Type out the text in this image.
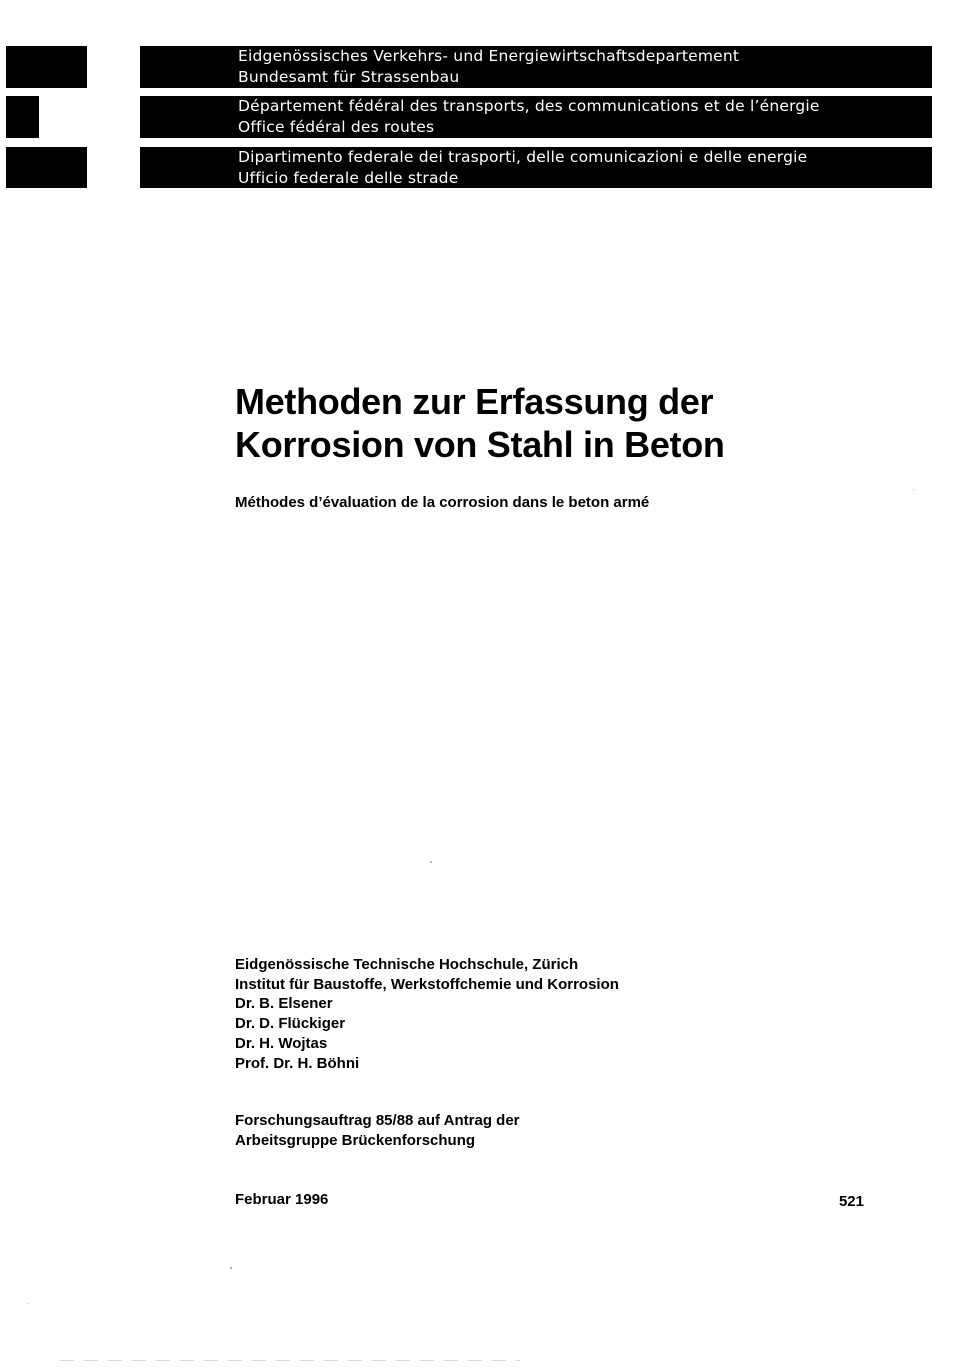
Eidgenössisches Verkehrs- und Energiewirtschaftsdepartement
Bundesamt für Strassenbau
Département fédéral des transports, des communications et de l’énergie
Office fédéral des routes
Dipartimento federale dei trasporti, delle comunicazioni e delle energie
Ufficio federale delle strade
Methoden zur Erfassung der
Korrosion von Stahl in Beton

Méthodes d’évaluation de la corrosion dans le beton armé

Eidgenössische Technische Hochschule, Zürich
Institut für Baustoffe, Werkstoffchemie und Korrosion
Dr. B. Elsener
Dr. D. Flückiger
Dr. H. Wojtas
Prof. Dr. H. Böhni
Forschungsauftrag 85/88 auf Antrag der
Arbeitsgruppe Brückenforschung
Februar 1996	521
